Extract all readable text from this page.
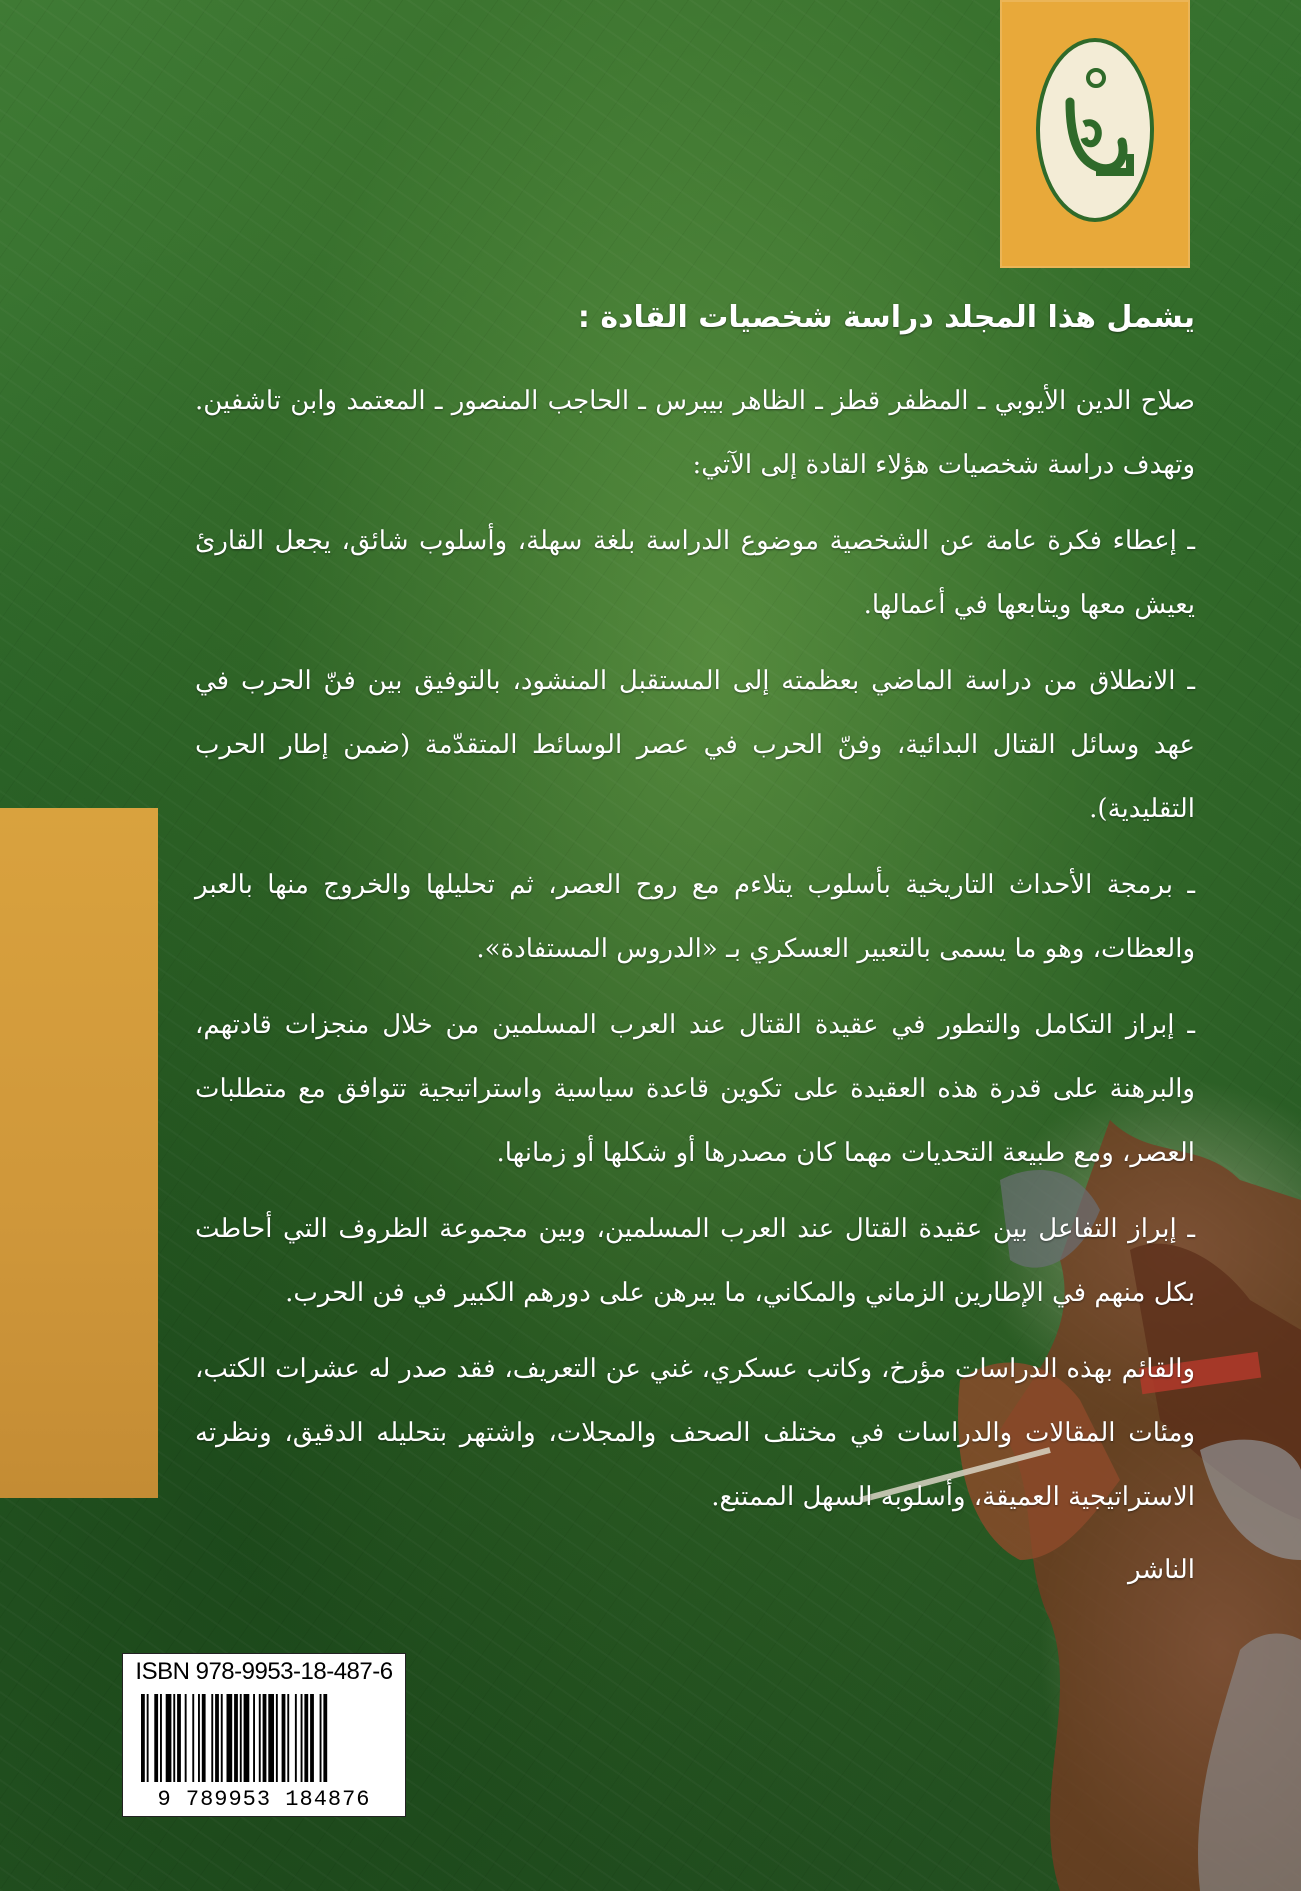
يشمل هذا المجلد دراسة شخصيات القادة :

صلاح الدين الأيوبي ـ المظفر قطز ـ الظاهر بيبرس ـ الحاجب المنصور ـ المعتمد وابن تاشفين. وتهدف دراسة شخصيات هؤلاء القادة إلى الآتي:

ـ إعطاء فكرة عامة عن الشخصية موضوع الدراسة بلغة سهلة، وأسلوب شائق، يجعل القارئ يعيش معها ويتابعها في أعمالها.

ـ الانطلاق من دراسة الماضي بعظمته إلى المستقبل المنشود، بالتوفيق بين فنّ الحرب في عهد وسائل القتال البدائية، وفنّ الحرب في عصر الوسائط المتقدّمة (ضمن إطار الحرب التقليدية).

ـ برمجة الأحداث التاريخية بأسلوب يتلاءم مع روح العصر، ثم تحليلها والخروج منها بالعبر والعظات، وهو ما يسمى بالتعبير العسكري بـ «الدروس المستفادة».

ـ إبراز التكامل والتطور في عقيدة القتال عند العرب المسلمين من خلال منجزات قادتهم، والبرهنة على قدرة هذه العقيدة على تكوين قاعدة سياسية واستراتيجية تتوافق مع متطلبات العصر، ومع طبيعة التحديات مهما كان مصدرها أو شكلها أو زمانها.

ـ إبراز التفاعل بين عقيدة القتال عند العرب المسلمين، وبين مجموعة الظروف التي أحاطت بكل منهم في الإطارين الزماني والمكاني، ما يبرهن على دورهم الكبير في فن الحرب.

والقائم بهذه الدراسات مؤرخ، وكاتب عسكري، غني عن التعريف، فقد صدر له عشرات الكتب، ومئات المقالات والدراسات في مختلف الصحف والمجلات، واشتهر بتحليله الدقيق، ونظرته الاستراتيجية العميقة، وأسلوبه السهل الممتنع.

الناشر
ISBN 978-9953-18-487-6
9 789953 184876
